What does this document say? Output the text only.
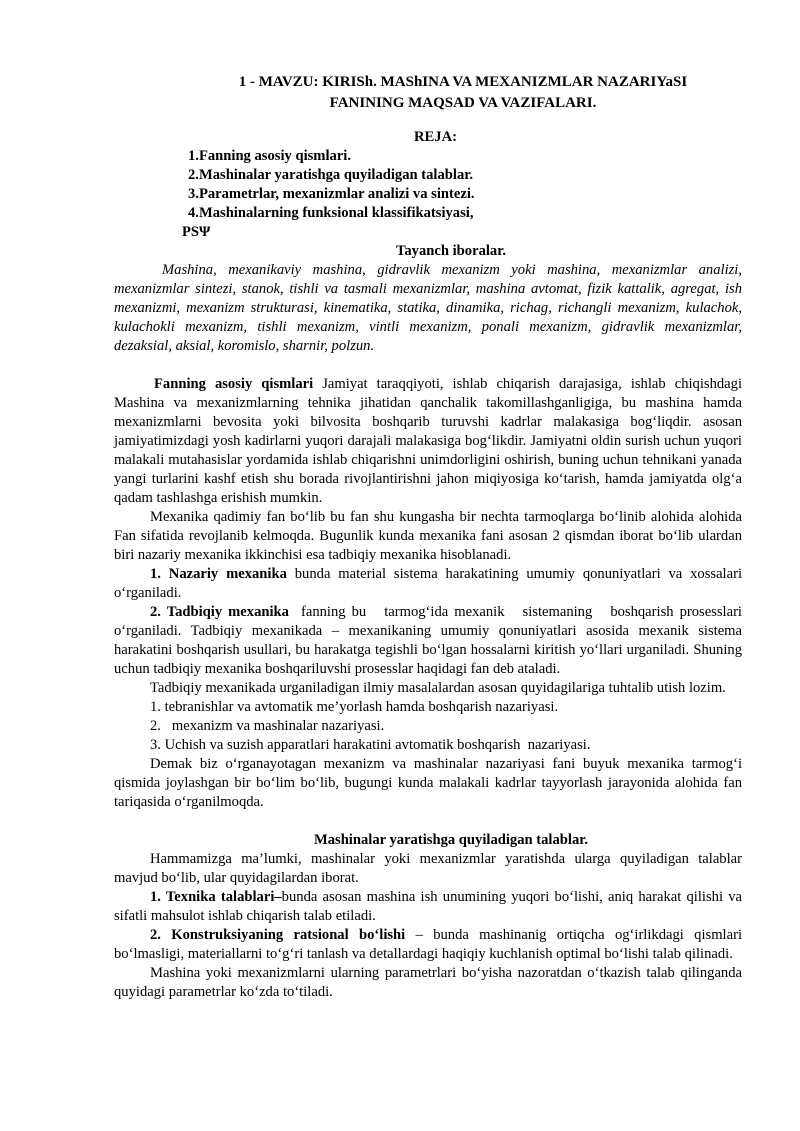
1 - MAVZU: KIRISh. MAShINA VA MEXANIZMLAR NAZARIYaSI
FANINING MAQSAD VA VAZIFALARI.
REJA:
1.Fanning asosiy qismlari.
2.Mashinalar yaratishga quyiladigan talablar.
3.Parametrlar, mexanizmlar analizi va sintezi.
4.Mashinalarning funksional klassifikatsiyasi,
PSΨ
Tayanch iboralar.

Mashina, mexanikaviy mashina, gidravlik mexanizm yoki mashina, mexanizmlar analizi, mexanizmlar sintezi, stanok, tishli va tasmali mexanizmlar, mashina avtomat, fizik kattalik, agregat, ish mexanizmi, mexanizm strukturasi, kinematika, statika, dinamika, richag, richangli mexanizm, kulachok, kulachokli mexanizm, tishli mexanizm, vintli mexanizm, ponali mexanizm, gidravlik mexanizmlar, dezaksial, aksial, koromislo, sharnir, polzun.

Fanning asosiy qismlari Jamiyat taraqqiyoti, ishlab chiqarish darajasiga, ishlab chiqishdagi Mashina va mexanizmlarning tehnika jihatidan qanchalik takomillashganligiga, bu mashina hamda mexanizmlarni bevosita yoki bilvosita boshqarib turuvshi kadrlar malakasiga bog‘liqdir. asosan jamiyatimizdagi yosh kadirlarni yuqori darajali malakasiga bog‘likdir. Jamiyatni oldin surish uchun yuqori malakali mutahasislar yordamida ishlab chiqarishni unimdorligini oshirish, buning uchun tehnikani yanada yangi turlarini kashf etish shu borada rivojlantirishni jahon miqiyosiga ko‘tarish, hamda jamiyatda olg‘a qadam tashlashga erishish mumkin.

Mexanika qadimiy fan bo‘lib bu fan shu kungasha bir nechta tarmoqlarga bo‘linib alohida alohida Fan sifatida revojlanib kelmoqda. Bugunlik kunda mexanika fani asosan 2 qismdan iborat bo‘lib ulardan biri nazariy mexanika ikkinchisi esa tadbiqiy mexanika hisoblanadi.

1. Nazariy mexanika bunda material sistema harakatining umumiy qonuniyatlari va xossalari o‘rganiladi.

2. Tadbiqiy mexanika  fanning bu   tarmog‘ida mexanik   sistemaning   boshqarish prosesslari o‘rganiladi. Tadbiqiy mexanikada – mexanikaning umumiy qonuniyatlari asosida mexanik sistema harakatini boshqarish usullari, bu harakatga tegishli bo‘lgan hossalarni kiritish yo‘llari urganiladi. Shuning uchun tadbiqiy mexanika boshqariluvshi prosesslar haqidagi fan deb ataladi.

Tadbiqiy mexanikada urganiladigan ilmiy masalalardan asosan quyidagilariga tuhtalib utish lozim.

1. tebranishlar va avtomatik me’yorlash hamda boshqarish nazariyasi.

2.   mexanizm va mashinalar nazariyasi.

3. Uchish va suzish apparatlari harakatini avtomatik boshqarish  nazariyasi.

Demak biz o‘rganayotagan mexanizm va mashinalar nazariyasi fani buyuk mexanika tarmog‘i qismida joylashgan bir bo‘lim bo‘lib, bugungi kunda malakali kadrlar tayyorlash jarayonida alohida fan tariqasida o‘rganilmoqda.

Mashinalar yaratishga quyiladigan talablar.

Hammamizga ma’lumki, mashinalar yoki mexanizmlar yaratishda ularga quyiladigan talablar mavjud bo‘lib, ular quyidagilardan iborat.

1. Texnika talablari–bunda asosan mashina ish unumining yuqori bo‘lishi, aniq harakat qilishi va sifatli mahsulot ishlab chiqarish talab etiladi.

2. Konstruksiyaning ratsional bo‘lishi – bunda mashinanig ortiqcha og‘irlikdagi qismlari bo‘lmasligi, materiallarni to‘g‘ri tanlash va detallardagi haqiqiy kuchlanish optimal bo‘lishi talab qilinadi.

Mashina yoki mexanizmlarni ularning parametrlari bo‘yisha nazoratdan o‘tkazish talab qilinganda quyidagi parametrlar ko‘zda to‘tiladi.
